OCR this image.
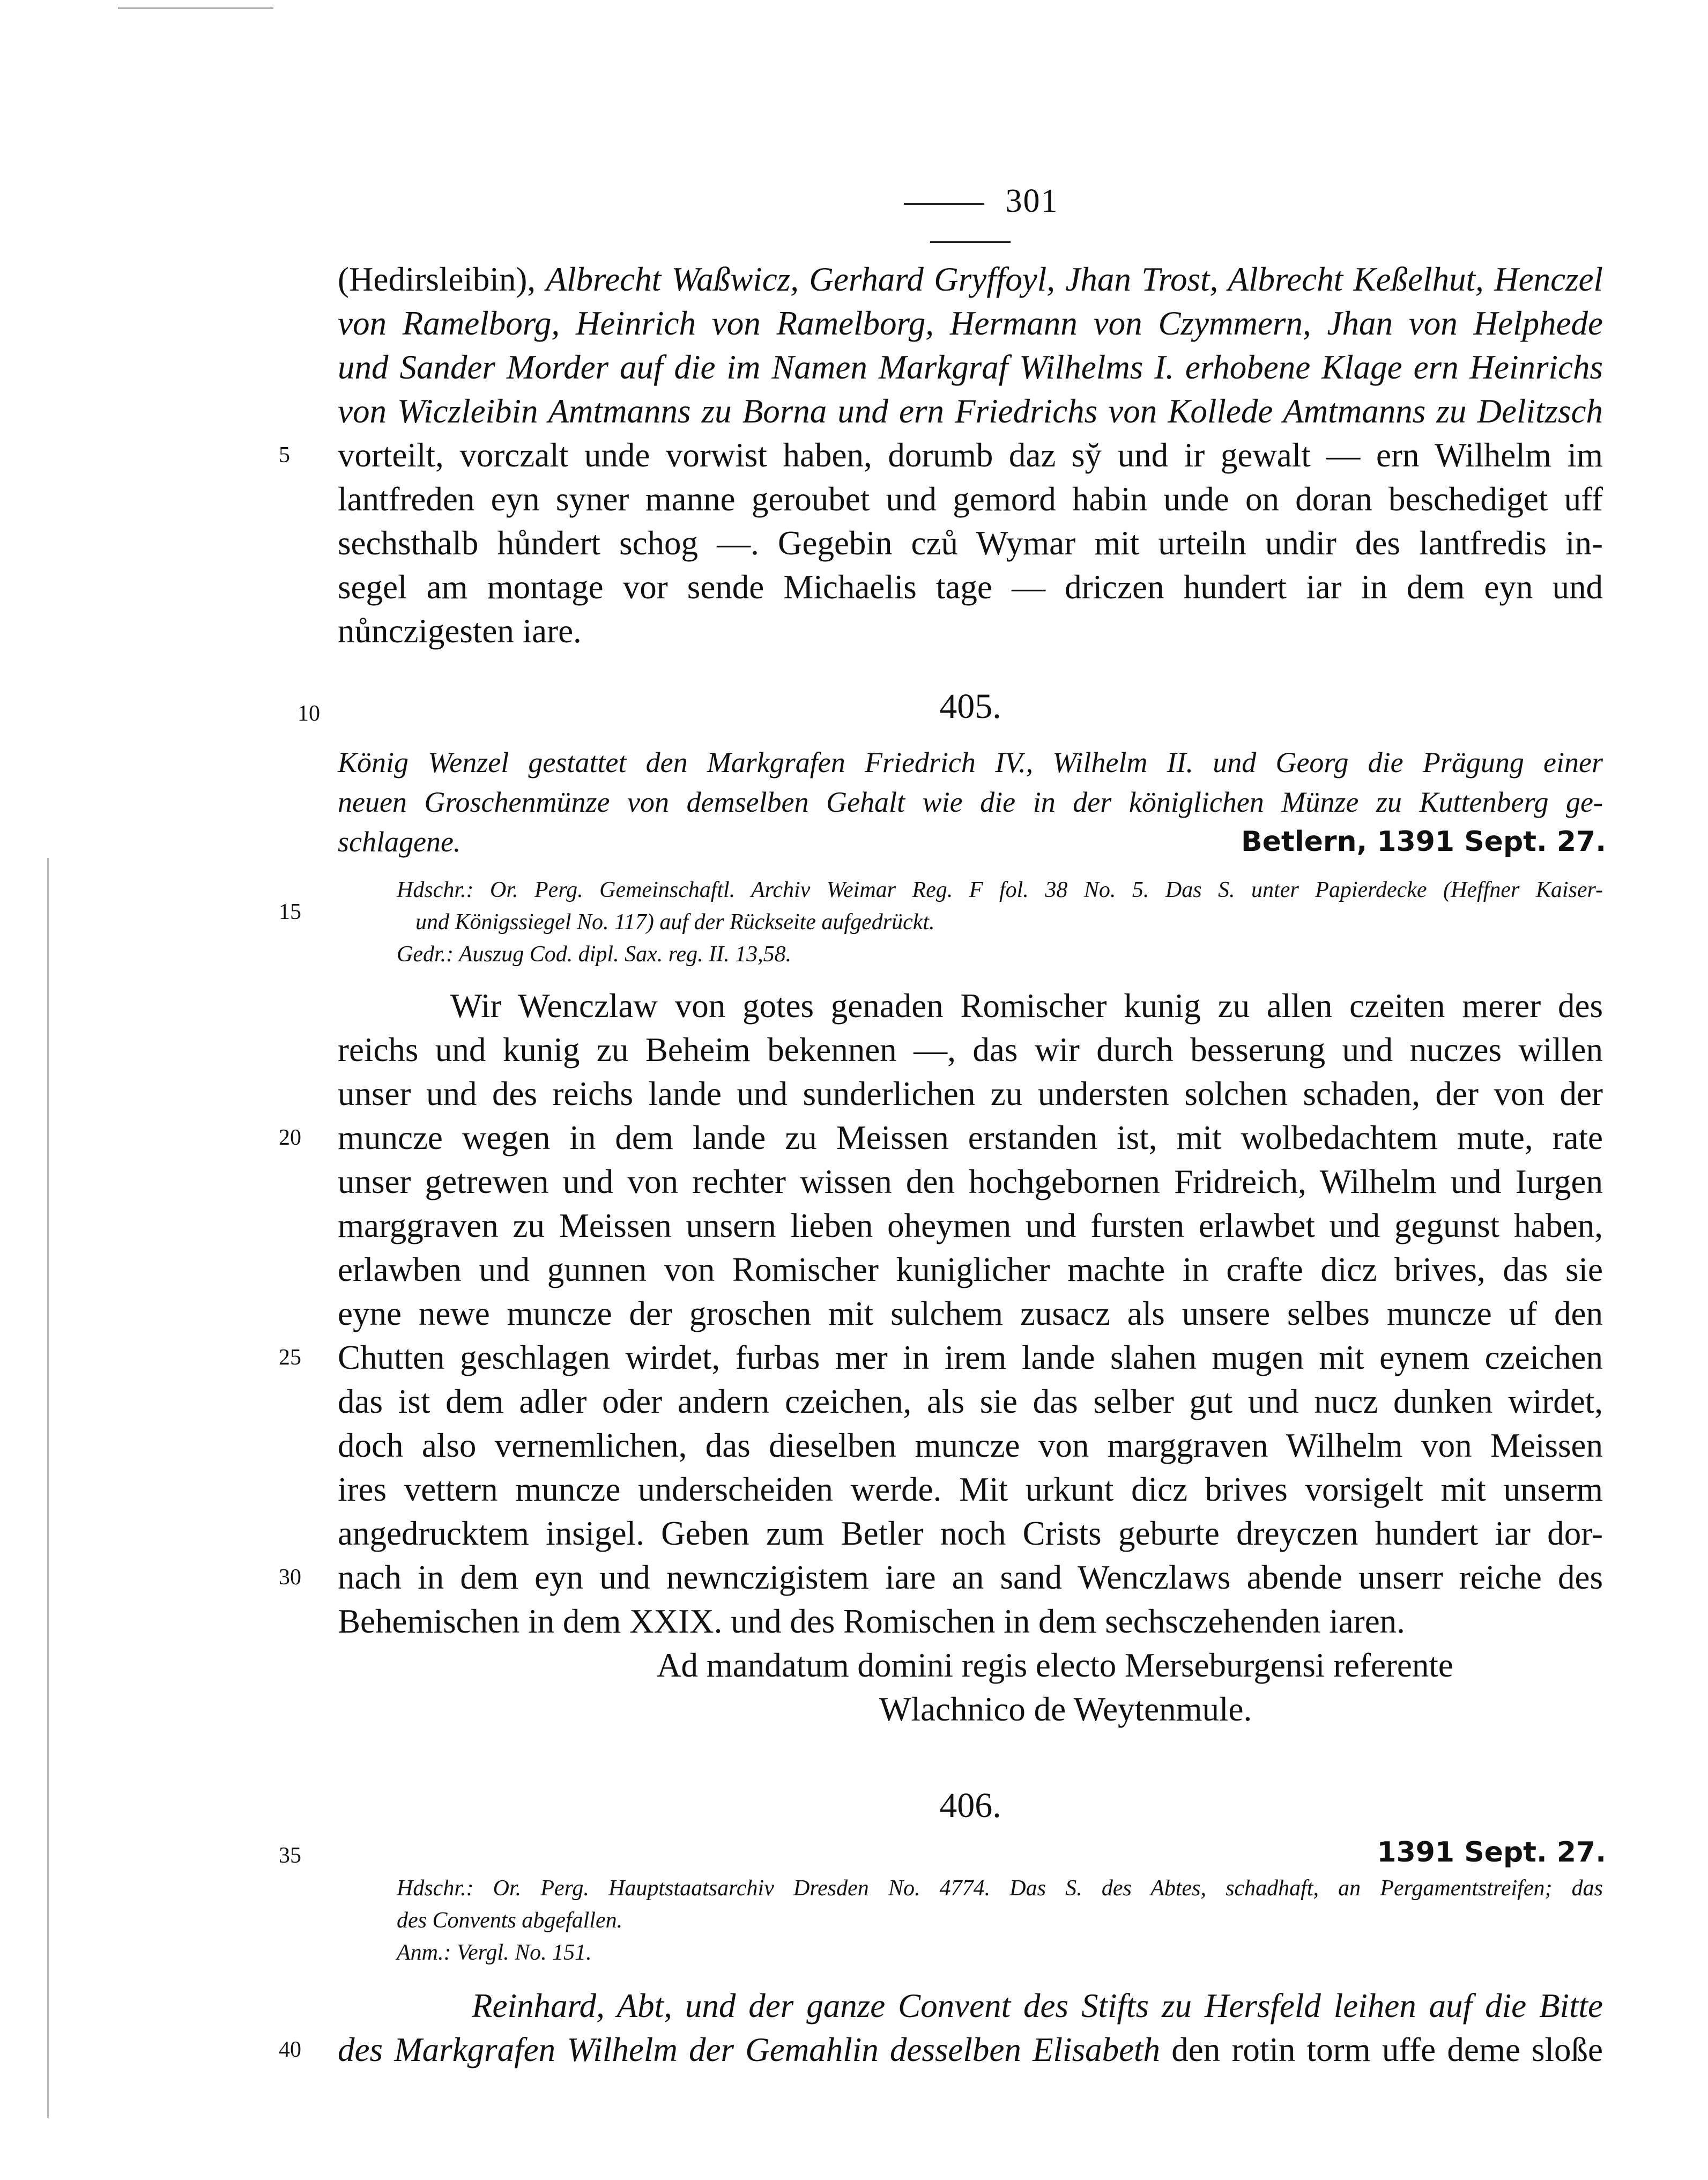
301
(Hedirsleibin), Albrecht Waßwicz, Gerhard Gryffoyl, Jhan Trost, Albrecht Keßelhut, Henczel
von Ramelborg, Heinrich von Ramelborg, Hermann von Czymmern, Jhan von Helphede
und Sander Morder auf die im Namen Markgraf Wilhelms I. erhobene Klage ern Heinrichs
von Wiczleibin Amtmanns zu Borna und ern Friedrichs von Kollede Amtmanns zu Delitzsch
vorteilt, vorczalt unde vorwist haben, dorumb daz sy̆ und ir gewalt — ern Wilhelm im
lantfreden eyn syner manne geroubet und gemord habin unde on doran beschediget uff
sechsthalb hůndert schog —. Gegebin czů Wymar mit urteiln undir des lantfredis in-
segel am montage vor sende Michaelis tage — driczen hundert iar in dem eyn und
nůnczigesten iare.
405.
König Wenzel gestattet den Markgrafen Friedrich IV., Wilhelm II. und Georg die Prägung einer
neuen Groschenmünze von demselben Gehalt wie die in der königlichen Münze zu Kuttenberg ge-
schlagene.	Betlern, 1391 Sept. 27.
Hdschr.: Or. Perg. Gemeinschaftl. Archiv Weimar Reg. F fol. 38 No. 5. Das S. unter Papierdecke (Heffner Kaiser-
und Königssiegel No. 117) auf der Rückseite aufgedrückt.
Gedr.: Auszug Cod. dipl. Sax. reg. II. 13,58.
Wir Wenczlaw von gotes genaden Romischer kunig zu allen czeiten merer des
reichs und kunig zu Beheim bekennen —, das wir durch besserung und nuczes willen
unser und des reichs lande und sunderlichen zu understen solchen schaden, der von der
muncze wegen in dem lande zu Meissen erstanden ist, mit wolbedachtem mute, rate
unser getrewen und von rechter wissen den hochgebornen Fridreich, Wilhelm und Iurgen
marggraven zu Meissen unsern lieben oheymen und fursten erlawbet und gegunst haben,
erlawben und gunnen von Romischer kuniglicher machte in crafte dicz brives, das sie
eyne newe muncze der groschen mit sulchem zusacz als unsere selbes muncze uf den
Chutten geschlagen wirdet, furbas mer in irem lande slahen mugen mit eynem czeichen
das ist dem adler oder andern czeichen, als sie das selber gut und nucz dunken wirdet,
doch also vernemlichen, das dieselben muncze von marggraven Wilhelm von Meissen
ires vettern muncze underscheiden werde. Mit urkunt dicz brives vorsigelt mit unserm
angedrucktem insigel. Geben zum Betler noch Crists geburte dreyczen hundert iar dor-
nach in dem eyn und newnczigistem iare an sand Wenczlaws abende unserr reiche des
Behemischen in dem XXIX. und des Romischen in dem sechsczehenden iaren.
Ad mandatum domini regis electo Merseburgensi referente
Wlachnico de Weytenmule.
406.
1391 Sept. 27.
Hdschr.: Or. Perg. Hauptstaatsarchiv Dresden No. 4774. Das S. des Abtes, schadhaft, an Pergamentstreifen; das
des Convents abgefallen.
Anm.: Vergl. No. 151.
Reinhard, Abt, und der ganze Convent des Stifts zu Hersfeld leihen auf die Bitte
des Markgrafen Wilhelm der Gemahlin desselben Elisabeth den rotin torm uffe deme sloße
5
10
15
20
25
30
35
40
